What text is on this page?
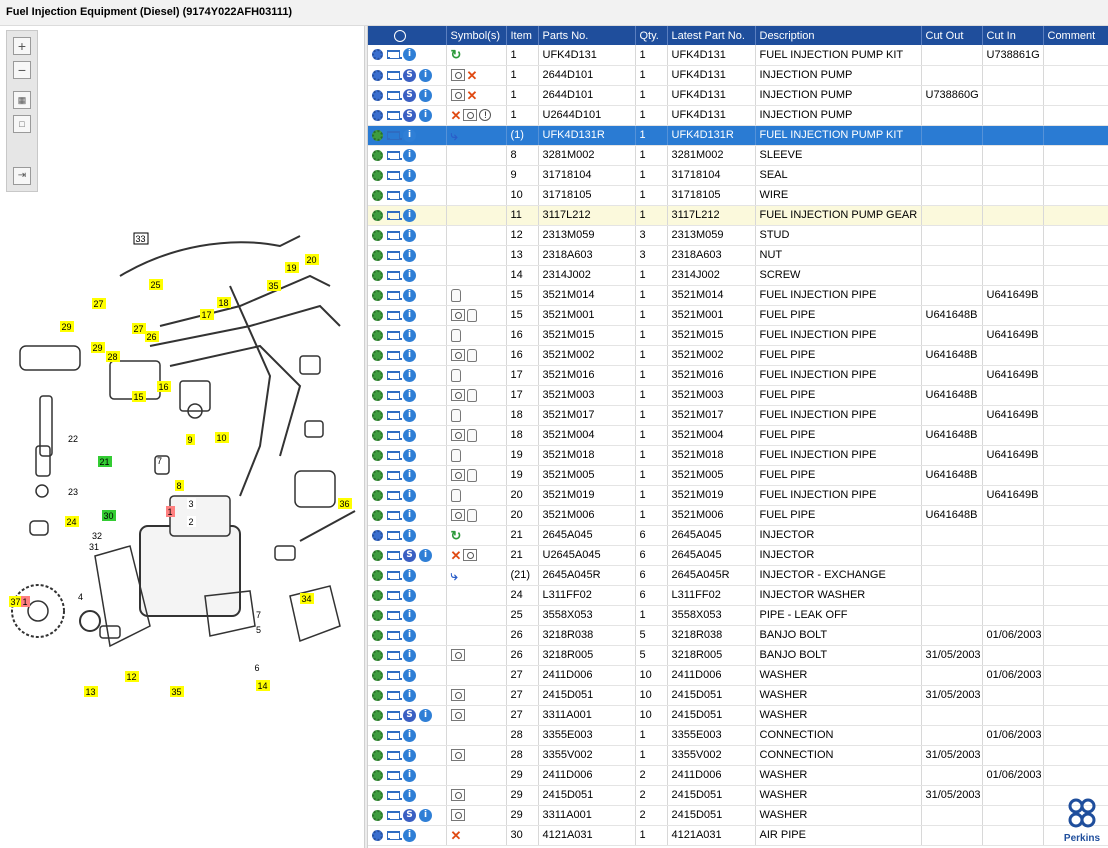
Fuel Injection Equipment (Diesel) (9174Y022AFH03111)
+
−
▦
□
⇥
33
20
19
25	35
27	18
27
17
29
26
29
28
16
15
9	10
22
21
23
7
8
36
1
3
2
30
24
32
31
34
4
37 1
7
5
6
12
14
13	35
	Symbol(s)	Item	Parts No.	Qty.	Latest Part No.	Description	Cut Out	Cut In	Comment
i	↻	1	UFK4D131	1	UFK4D131	FUEL INJECTION PUMP KIT		U738861G	
S i	✕	1	2644D101	1	UFK4D131	INJECTION PUMP			
S i	✕	1	2644D101	1	UFK4D131	INJECTION PUMP	U738860G		
S i	✕ !	1	U2644D101	1	UFK4D131	INJECTION PUMP			
i	⤷	(1)	UFK4D131R	1	UFK4D131R	FUEL INJECTION PUMP KIT			
i		8	3281M002	1	3281M002	SLEEVE			
i		9	31718104	1	31718104	SEAL			
i		10	31718105	1	31718105	WIRE			
i		11	3117L212	1	3117L212	FUEL INJECTION PUMP GEAR			
i		12	2313M059	3	2313M059	STUD			
i		13	2318A603	3	2318A603	NUT			
i		14	2314J002	1	2314J002	SCREW			
i		15	3521M014	1	3521M014	FUEL INJECTION PIPE		U641649B	
i		15	3521M001	1	3521M001	FUEL PIPE	U641648B		
i		16	3521M015	1	3521M015	FUEL INJECTION PIPE		U641649B	
i		16	3521M002	1	3521M002	FUEL PIPE	U641648B		
i		17	3521M016	1	3521M016	FUEL INJECTION PIPE		U641649B	
i		17	3521M003	1	3521M003	FUEL PIPE	U641648B		
i		18	3521M017	1	3521M017	FUEL INJECTION PIPE		U641649B	
i		18	3521M004	1	3521M004	FUEL PIPE	U641648B		
i		19	3521M018	1	3521M018	FUEL INJECTION PIPE		U641649B	
i		19	3521M005	1	3521M005	FUEL PIPE	U641648B		
i		20	3521M019	1	3521M019	FUEL INJECTION PIPE		U641649B	
i		20	3521M006	1	3521M006	FUEL PIPE	U641648B		
i	↻	21	2645A045	6	2645A045	INJECTOR			
S i	✕	21	U2645A045	6	2645A045	INJECTOR			
i	⤷	(21)	2645A045R	6	2645A045R	INJECTOR - EXCHANGE			
i		24	L311FF02	6	L311FF02	INJECTOR WASHER			
i		25	3558X053	1	3558X053	PIPE - LEAK OFF			
i		26	3218R038	5	3218R038	BANJO BOLT		01/06/2003	
i		26	3218R005	5	3218R005	BANJO BOLT	31/05/2003		
i		27	2411D006	10	2411D006	WASHER		01/06/2003	
i		27	2415D051	10	2415D051	WASHER	31/05/2003		
S i		27	3311A001	10	2415D051	WASHER			
i		28	3355E003	1	3355E003	CONNECTION		01/06/2003	
i		28	3355V002	1	3355V002	CONNECTION	31/05/2003		
i		29	2411D006	2	2411D006	WASHER		01/06/2003	
i		29	2415D051	2	2415D051	WASHER	31/05/2003		
S i		29	3311A001	2	2415D051	WASHER			
i	✕	30	4121A031	1	4121A031	AIR PIPE				Perkins
